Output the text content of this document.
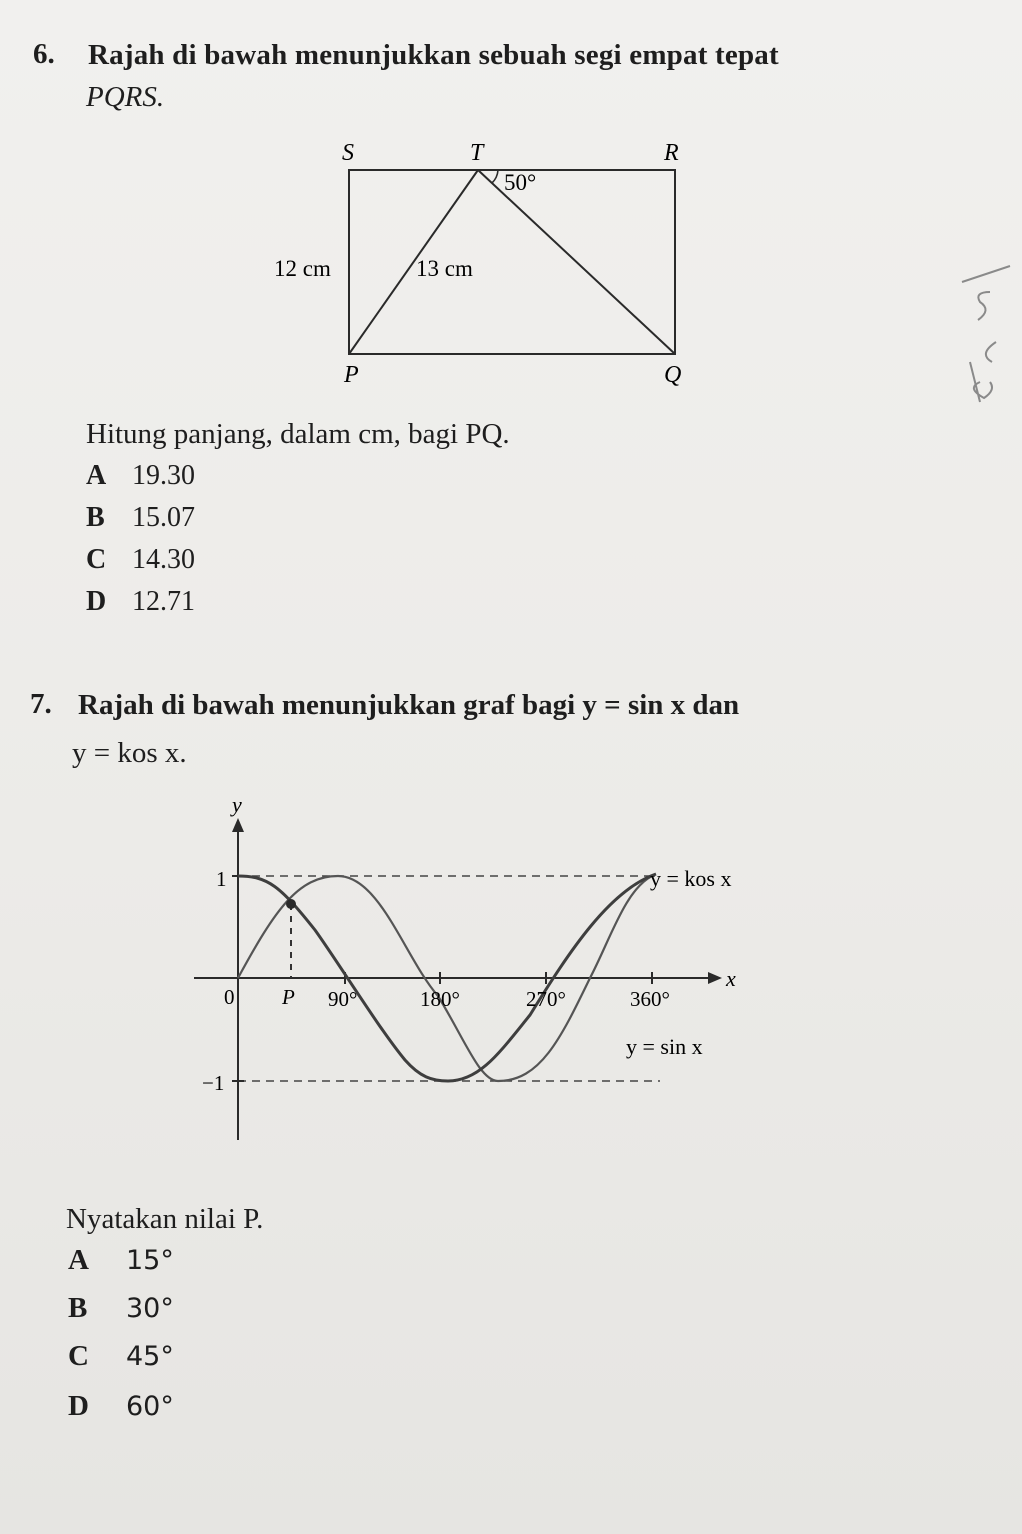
6. Rajah di bawah menunjukkan sebuah segi empat tepat
PQRS.
S	T	R
P	Q
50°
12 cm	13 cm
Hitung panjang, dalam cm, bagi PQ.
A 19.30
B 15.07
C 14.30
D 12.71
7. Rajah di bawah menunjukkan graf bagi y = sin x dan
y = kos x.
y
x
0
1
−1
P 90°	180°	270°	360°
y = kos x
y = sin x
Nyatakan nilai P.
A 15°
B 30°
C 45°
D 60°
